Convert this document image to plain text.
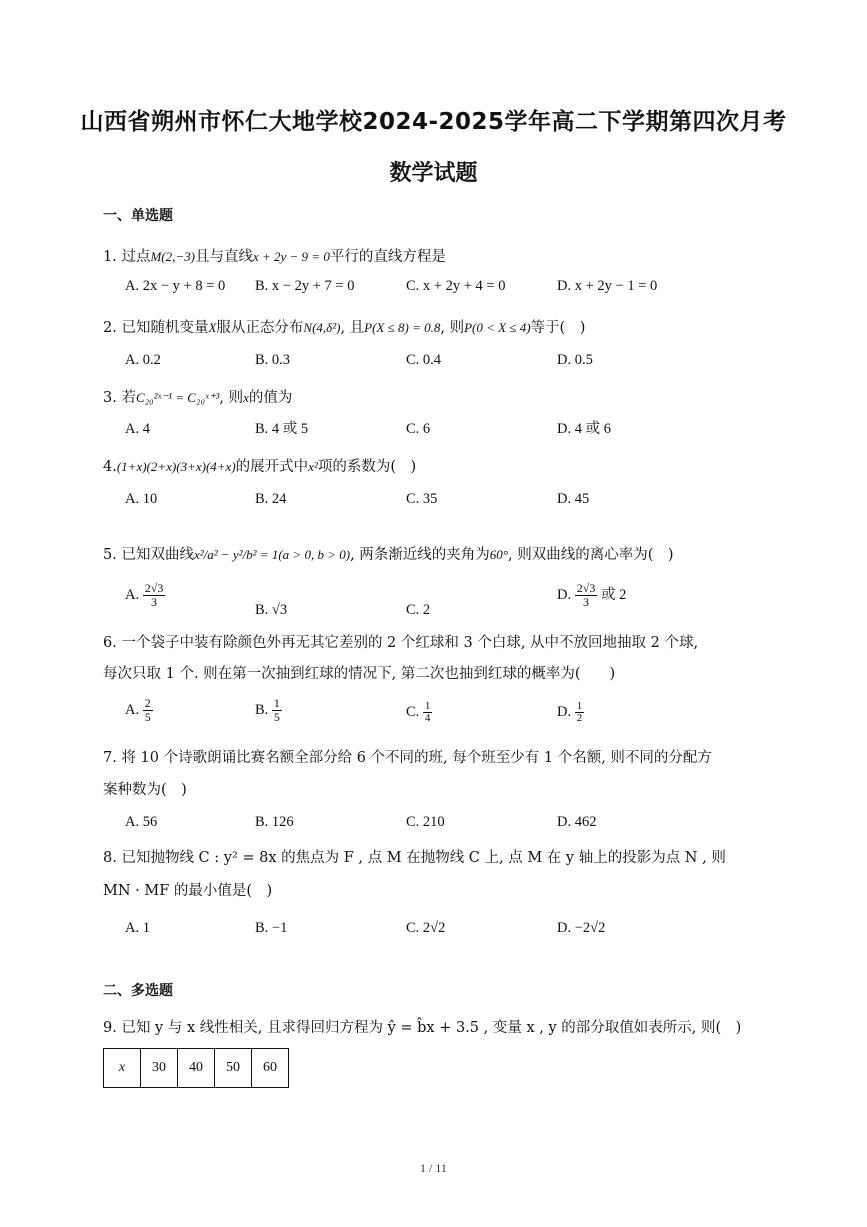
山西省朔州市怀仁大地学校2024-2025学年高二下学期第四次月考
数学试题
一、单选题
1. 过点M(2,−3)且与直线x + 2y − 9 = 0平行的直线方程是
A. 2x − y + 8 = 0 B. x − 2y + 7 = 0	C. x + 2y + 4 = 0	D. x + 2y − 1 = 0
2. 已知随机变量X服从正态分布N(4,δ²), 且P(X ≤ 8) = 0.8, 则P(0 < X ≤ 4)等于(　)
A. 0.2	B. 0.3	C. 0.4	D. 0.5
3. 若C₂₀²ˣ⁻¹ = C₂₀ˣ⁺³, 则x的值为
A. 4	B. 4 或 5	C. 6	D. 4 或 6
4.(1+x)(2+x)(3+x)(4+x)的展开式中x²项的系数为(　)
A. 10	B. 24	C. 35	D. 45
5. 已知双曲线x²/a² − y²/b² = 1(a > 0, b > 0), 两条渐近线的夹角为60°, 则双曲线的离心率为(　)
A. $\frac{2√3}{3}$
B. √3	C. 2
D. $\frac{2√3}{3}$ 或 2
6. 一个袋子中装有除颜色外再无其它差别的 2 个红球和 3 个白球, 从中不放回地抽取 2 个球,
每次只取 1 个. 则在第一次抽到红球的情况下, 第二次也抽到红球的概率为(　　)
A. $\frac{2}{5}$	B. $\frac{1}{5}$	C. $\frac{1}{4}$	D. $\frac{1}{2}$
7. 将 10 个诗歌朗诵比赛名额全部分给 6 个不同的班, 每个班至少有 1 个名额, 则不同的分配方
案种数为(　)
A. 56	B. 126	C. 210	D. 462
8. 已知抛物线 C : y² = 8x 的焦点为 F , 点 M 在抛物线 C 上, 点 M 在 y 轴上的投影为点 N , 则
MN · MF 的最小值是(　)
A. 1	B. −1	C. 2√2	D. −2√2
二、多选题
9. 已知 y 与 x 线性相关, 且求得回归方程为 ŷ = b̂x + 3.5 , 变量 x , y 的部分取值如表所示, 则(　)
x	30	40	50	60
1 / 11
